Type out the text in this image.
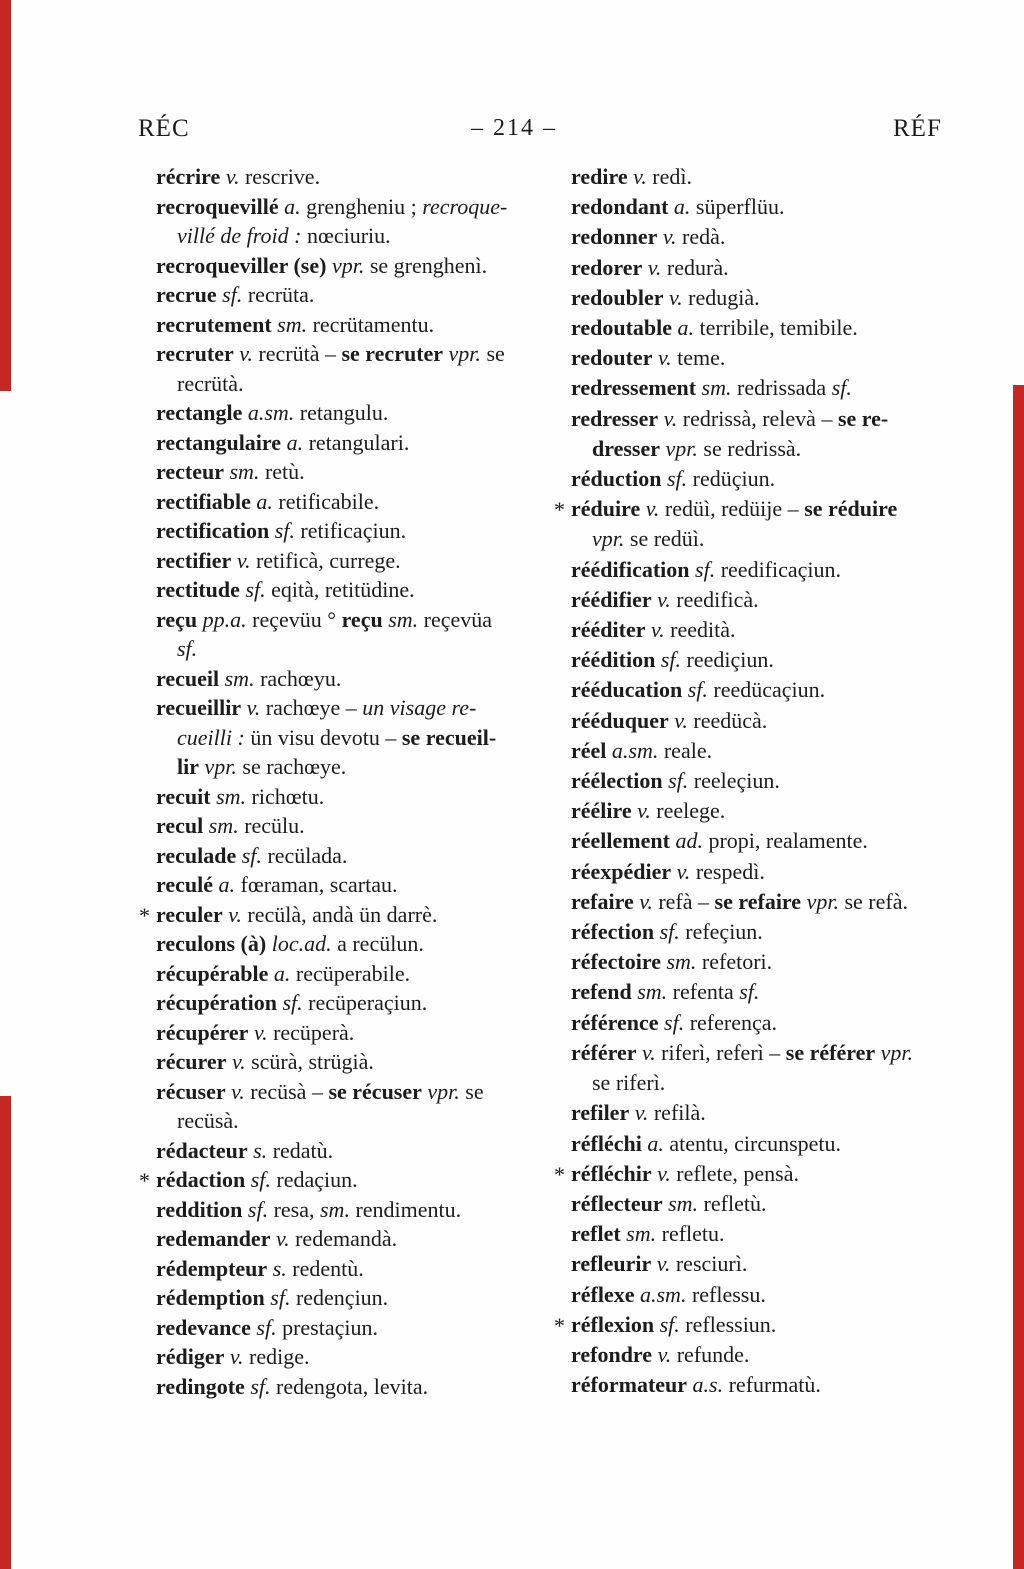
RÉC	– 214 –	RÉF

récrire v. rescrive.

recroquevillé a. grengheniu ; recroque-
villé de froid : nœciuriu.

recroqueviller (se) vpr. se grenghenì.

recrue sf. recrüta.

recrutement sm. recrütamentu.

recruter v. recrütà – se recruter vpr. se
recrütà.

rectangle a.sm. retangulu.

rectangulaire a. retangulari.

recteur sm. retù.

rectifiable a. retificabile.

rectification sf. retificaçiun.

rectifier v. retificà, currege.

rectitude sf. eqità, retitüdine.

reçu pp.a. reçevüu ° reçu sm. reçevüa
sf.

recueil sm. rachœyu.

recueillir v. rachœye – un visage re-
cueilli : ün visu devotu – se recueil-
lir vpr. se rachœye.

recuit sm. richœtu.

recul sm. recülu.

reculade sf. recülada.

reculé a. fœraman, scartau.

* reculer v. recülà, andà ün darrè.

reculons (à) loc.ad. a recülun.

récupérable a. recüperabile.

récupération sf. recüperaçiun.

récupérer v. recüperà.

récurer v. scürà, strügià.

récuser v. recüsà – se récuser vpr. se
recüsà.

rédacteur s. redatù.

* rédaction sf. redaçiun.

reddition sf. resa, sm. rendimentu.

redemander v. redemandà.

rédempteur s. redentù.

rédemption sf. redençiun.

redevance sf. prestaçiun.

rédiger v. redige.

redingote sf. redengota, levita.

redire v. redì.

redondant a. süperflüu.

redonner v. redà.

redorer v. redurà.

redoubler v. redugià.

redoutable a. terribile, temibile.

redouter v. teme.

redressement sm. redrissada sf.

redresser v. redrissà, relevà – se re-
dresser vpr. se redrissà.

réduction sf. redüçiun.

* réduire v. redüì, redüije – se réduire
vpr. se redüì.

réédification sf. reedificaçiun.

réédifier v. reedificà.

rééditer v. reedità.

réédition sf. reediçiun.

rééducation sf. reedücaçiun.

rééduquer v. reedücà.

réel a.sm. reale.

réélection sf. reeleçiun.

réélire v. reelege.

réellement ad. propi, realamente.

réexpédier v. respedì.

refaire v. refà – se refaire vpr. se refà.

réfection sf. refeçiun.

réfectoire sm. refetori.

refend sm. refenta sf.

référence sf. referença.

référer v. riferì, referì – se référer vpr.
se riferì.

refiler v. refilà.

réfléchi a. atentu, circunspetu.

* réfléchir v. reflete, pensà.

réflecteur sm. refletù.

reflet sm. refletu.

refleurir v. resciurì.

réflexe a.sm. reflessu.

* réflexion sf. reflessiun.

refondre v. refunde.

réformateur a.s. refurmatù.
